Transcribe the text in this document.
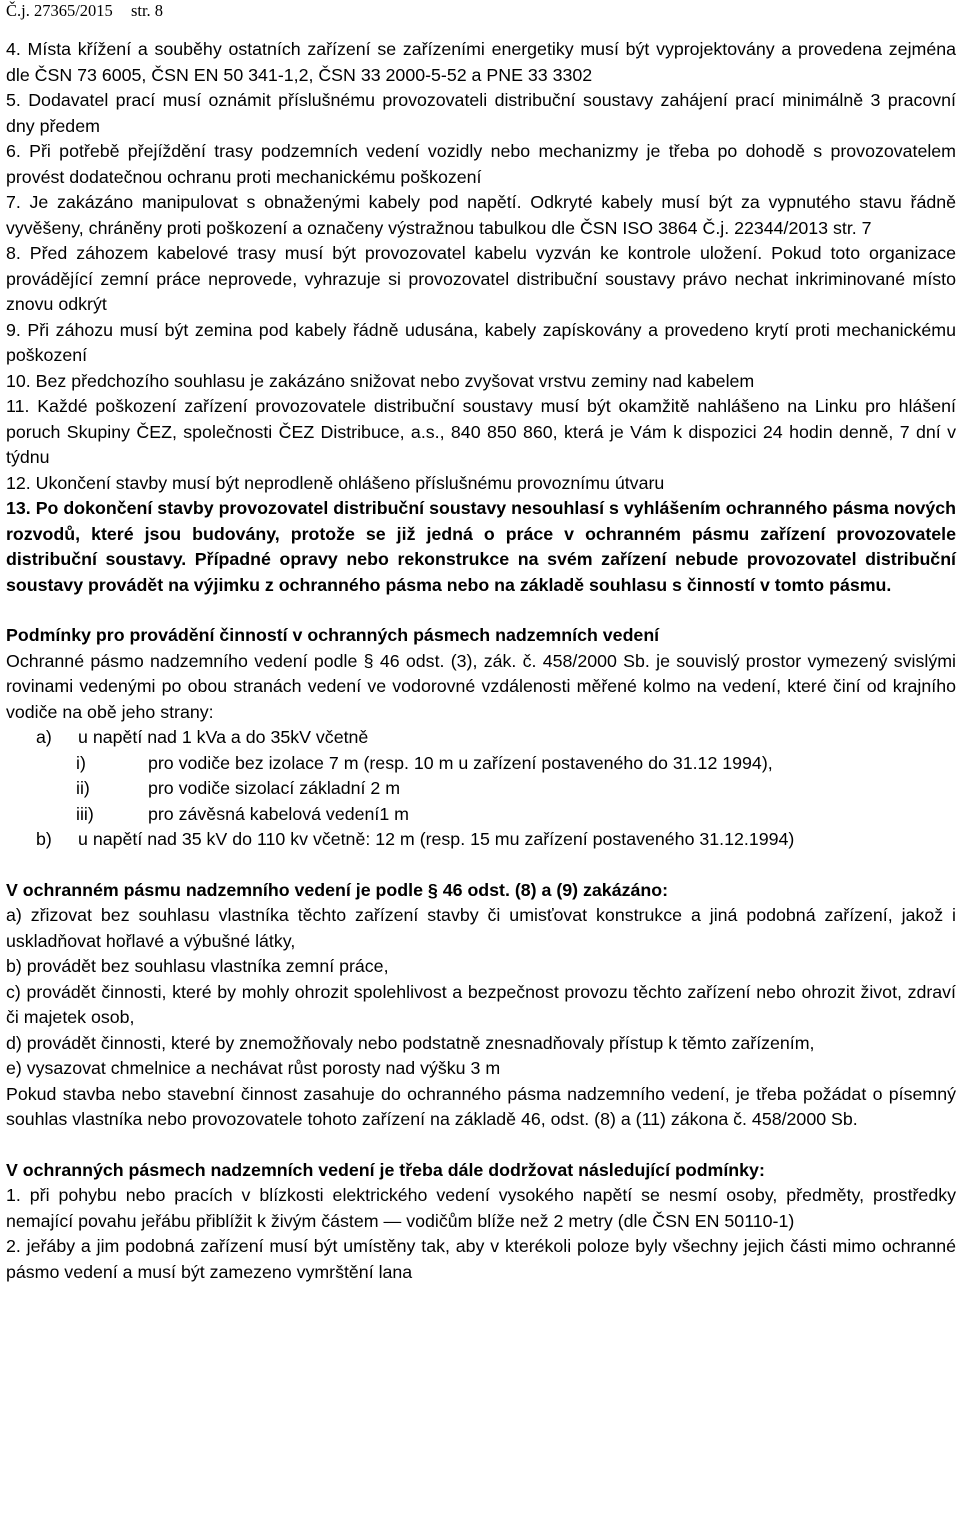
Č.j. 27365/2015 str. 8

4. Místa křížení a souběhy ostatních zařízení se zařízeními energetiky musí být vyprojektovány a provedena zejména dle ČSN 73 6005, ČSN EN 50 341-1,2, ČSN 33 2000-5-52 a PNE 33 3302

5. Dodavatel prací musí oznámit příslušnému provozovateli distribuční soustavy zahájení prací minimálně 3 pracovní dny předem

6. Při potřebě přejíždění trasy podzemních vedení vozidly nebo mechanizmy je třeba po dohodě s provozovatelem provést dodatečnou ochranu proti mechanickému poškození

7. Je zakázáno manipulovat s obnaženými kabely pod napětí. Odkryté kabely musí být za vypnutého stavu řádně vyvěšeny, chráněny proti poškození a označeny výstražnou tabulkou dle ČSN ISO 3864 Č.j. 22344/2013 str. 7

8. Před záhozem kabelové trasy musí být provozovatel kabelu vyzván ke kontrole uložení. Pokud toto organizace provádějící zemní práce neprovede, vyhrazuje si provozovatel distribuční soustavy právo nechat inkriminované místo znovu odkrýt

9. Při záhozu musí být zemina pod kabely řádně udusána, kabely zapískovány a provedeno krytí proti mechanickému poškození

10. Bez předchozího souhlasu je zakázáno snižovat nebo zvyšovat vrstvu zeminy nad kabelem

11. Každé poškození zařízení provozovatele distribuční soustavy musí být okamžitě nahlášeno na Linku pro hlášení poruch Skupiny ČEZ, společnosti ČEZ Distribuce, a.s., 840 850 860, která je Vám k dispozici 24 hodin denně, 7 dní v týdnu

12. Ukončení stavby musí být neprodleně ohlášeno příslušnému provoznímu útvaru

13. Po dokončení stavby provozovatel distribuční soustavy nesouhlasí s vyhlášením ochranného pásma nových rozvodů, které jsou budovány, protože se již jedná o práce v ochranném pásmu zařízení provozovatele distribuční soustavy. Případné opravy nebo rekonstrukce na svém zařízení nebude provozovatel distribuční soustavy provádět na výjimku z ochranného pásma nebo na základě souhlasu s činností v tomto pásmu.

Podmínky pro provádění činností v ochranných pásmech nadzemních vedení

Ochranné pásmo nadzemního vedení podle § 46 odst. (3), zák. č. 458/2000 Sb. je souvislý prostor vymezený svislými rovinami vedenými po obou stranách vedení ve vodorovné vzdálenosti měřené kolmo na vedení, které činí od krajního vodiče na obě jeho strany:

a) u napětí nad 1 kVa a do 35kV včetně

i)	pro vodiče bez izolace 7 m (resp. 10 m u zařízení postaveného do 31.12 1994),

ii)	pro vodiče sizolací základní 2 m

iii)	pro závěsná kabelová vedení1 m

b)	u napětí nad 35 kV do 110 kv včetně: 12 m (resp. 15 mu zařízení postaveného 31.12.1994)

V ochranném pásmu nadzemního vedení je podle § 46 odst. (8) a (9) zakázáno:

a) zřizovat bez souhlasu vlastníka těchto zařízení stavby či umisťovat konstrukce a jiná podobná zařízení, jakož i uskladňovat hořlavé a výbušné látky,

b) provádět bez souhlasu vlastníka zemní práce,

c) provádět činnosti, které by mohly ohrozit spolehlivost a bezpečnost provozu těchto zařízení nebo ohrozit život, zdraví či majetek osob,

d) provádět činnosti, které by znemožňovaly nebo podstatně znesnadňovaly přístup k těmto zařízením,

e) vysazovat chmelnice a nechávat růst porosty nad výšku 3 m

Pokud stavba nebo stavební činnost zasahuje do ochranného pásma nadzemního vedení, je třeba požádat o písemný souhlas vlastníka nebo provozovatele tohoto zařízení na základě 46, odst. (8) a (11) zákona č. 458/2000 Sb.

V ochranných pásmech nadzemních vedení je třeba dále dodržovat následující podmínky:

1. při pohybu nebo pracích v blízkosti elektrického vedení vysokého napětí se nesmí osoby, předměty, prostředky nemající povahu jeřábu přiblížit k živým částem — vodičům blíže než 2 metry (dle ČSN EN 50110-1)

2. jeřáby a jim podobná zařízení musí být umístěny tak, aby v kterékoli poloze byly všechny jejich části mimo ochranné pásmo vedení a musí být zamezeno vymrštění lana
